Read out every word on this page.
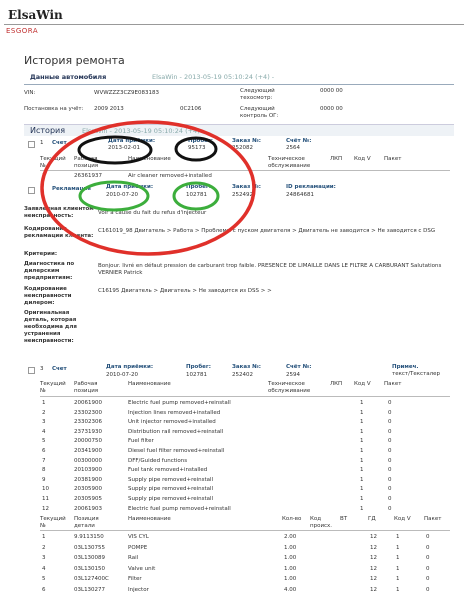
ElsaWin
ESGORA
История ремонта
Данные автомобиля	ElsaWin - 2013-05-19 05:10:24 (+4) -
VIN:	WVWZZZ3CZ9E083183	Следующий техосмотр:
0000 00
Постановка на учёт:	2009 2013	0C2106	Следующий контроль ОГ:
0000 00
История	ElsaWin - 2013-05-19 05:10:24 (+4) -
1 Счет	Дата приёмки:
2013-02-01
Пробег:
95173
Заказ №:
252082
Счёт №:
2564
Текущий №
Рабочая позиция
Наименование	Техническое обслуживание
ЛКП Код V Пакет
1	26361937	Air cleaner removed+installed
2 Рекламация	Дата приёмки:
2010-07-20
Пробег:
102781
Заказ №:
252492
ID рекламации:
24864681
Заявленная клиентом неисправность:	Voir a cause du fait du refus d'injecteur
Кодирование рекламации клиента:
C161019_98 Двигатель > Работа > Проблемы с пуском двигателя > Двигатель не заводится > Не заводится с DSG
Критерии:
Диагностика по дилерским предприятиям:
Bonjour. livré en défaut pression de carburant trop faible. PRESENCE DE LIMAILLE DANS LE FILTRE A CARBURANT Salutations VERNIER Patrick
Кодирование неисправности дилером:
C16195 Двигатель > Двигатель > Не заводится из DSS > >
Оригинальная деталь, которая необходима для устранения неисправности:
3 Счет	Дата приёмки:
2010-07-20
Пробег:
102781
Заказ №:
252402
Счёт №:
2594
Примеч.
текст/Тексталер
Текущий №
Рабочая позиция
Наименование	Техническое обслуживание
ЛКП Код V Пакет
1	20061900	Electric fuel pump removed+reinstall	1	0
2	23302300	Injection lines removed+installed	1	0
3	23302306	Unit injector removed+installed	1	0
4	23731930	Distribution rail removed+reinstall	1	0
5	20000750	Fuel filter	1	0
6	20341900	Diesel fuel filter removed+reinstall	1	0
7	00300000	DFF/Guided functions	1	0
8	20103900	Fuel tank removed+installed	1	0
9	20381900	Supply pipe removed+reinstall	1	0
10	20305900	Supply pipe removed+reinstall	1	0
11	20305905	Supply pipe removed+reinstall	1	0
12	20061903	Electric fuel pump removed+reinstall	1	0
Текущий №
Позиция детали
Наименование	Кол-во Код происх.
ВТ	ГД	Код V Пакет
1	9.9113150	VIS CYL	2.00	12	1	0
2	03L130755	POMPE	1.00	12	1	0
3	03L130089	Rail	1.00	12	1	0
4	03L130150	Valve unit	1.00	12	1	0
5	03L127400C	Filter	1.00	12	1	0
6	03L130277	Injector	4.00	12	1	0
